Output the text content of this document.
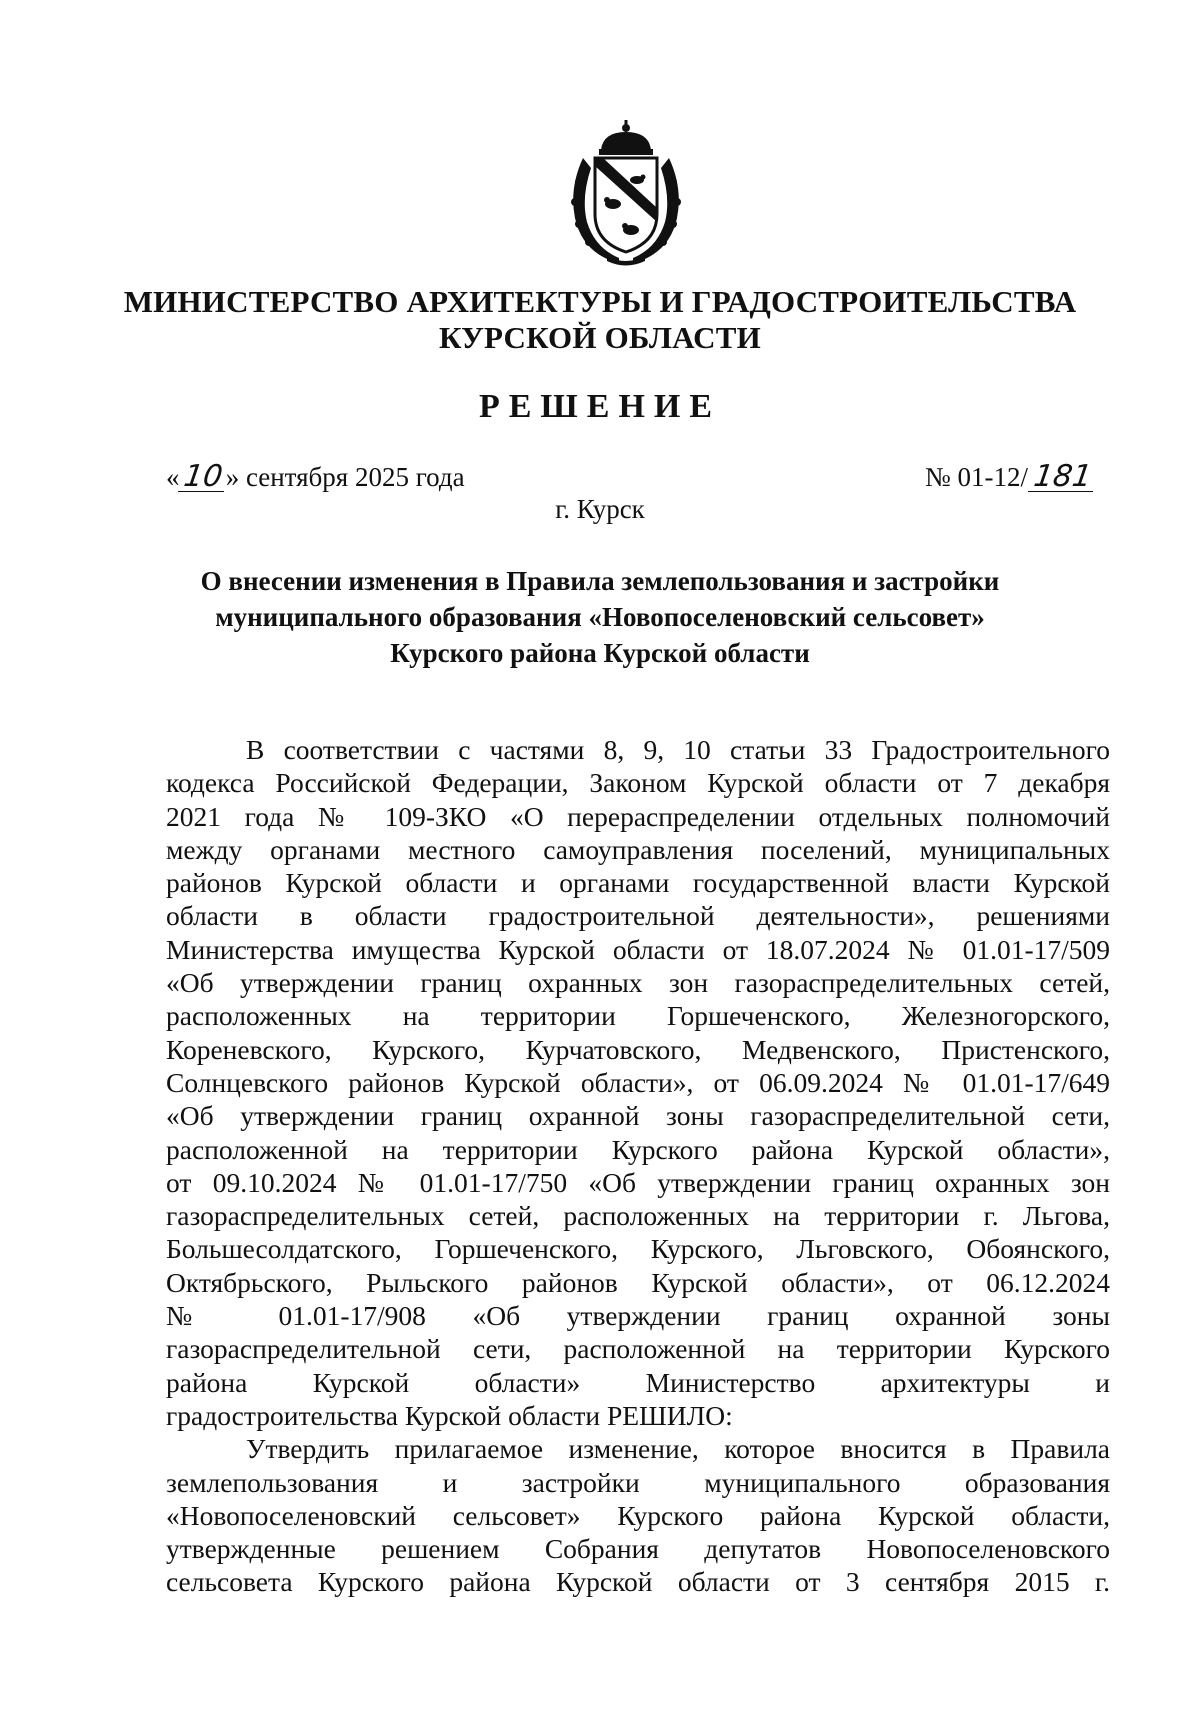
МИНИСТЕРСТВО АРХИТЕКТУРЫ И ГРАДОСТРОИТЕЛЬСТВА
КУРСКОЙ ОБЛАСТИ
РЕШЕНИЕ
«10» сентября 2025 года	№ 01-12/ 181
г. Курск
О внесении изменения в Правила землепользования и застройки
муниципального образования «Новопоселеновский сельсовет»
Курского района Курской области
В соответствии с частями 8, 9, 10 статьи 33 Градостроительного
кодекса Российской Федерации, Законом Курской области от 7 декабря
2021 года № 109-ЗКО «О перераспределении отдельных полномочий
между органами местного самоуправления поселений, муниципальных
районов Курской области и органами государственной власти Курской
области в области градостроительной деятельности», решениями
Министерства имущества Курской области от 18.07.2024 № 01.01-17/509
«Об утверждении границ охранных зон газораспределительных сетей,
расположенных на территории Горшеченского, Железногорского,
Кореневского, Курского, Курчатовского, Медвенского, Пристенского,
Солнцевского районов Курской области», от 06.09.2024 № 01.01-17/649
«Об утверждении границ охранной зоны газораспределительной сети,
расположенной на территории Курского района Курской области»,
от 09.10.2024 № 01.01-17/750 «Об утверждении границ охранных зон
газораспределительных сетей, расположенных на территории г. Льгова,
Большесолдатского, Горшеченского, Курского, Льговского, Обоянского,
Октябрьского, Рыльского районов Курской области», от 06.12.2024
№ 01.01-17/908 «Об утверждении границ охранной зоны
газораспределительной сети, расположенной на территории Курского
района Курской области» Министерство архитектуры и
градостроительства Курской области РЕШИЛО:
Утвердить прилагаемое изменение, которое вносится в Правила
землепользования и застройки муниципального образования
«Новопоселеновский сельсовет» Курского района Курской области,
утвержденные решением Собрания депутатов Новопоселеновского
сельсовета Курского района Курской области от 3 сентября 2015 г.
